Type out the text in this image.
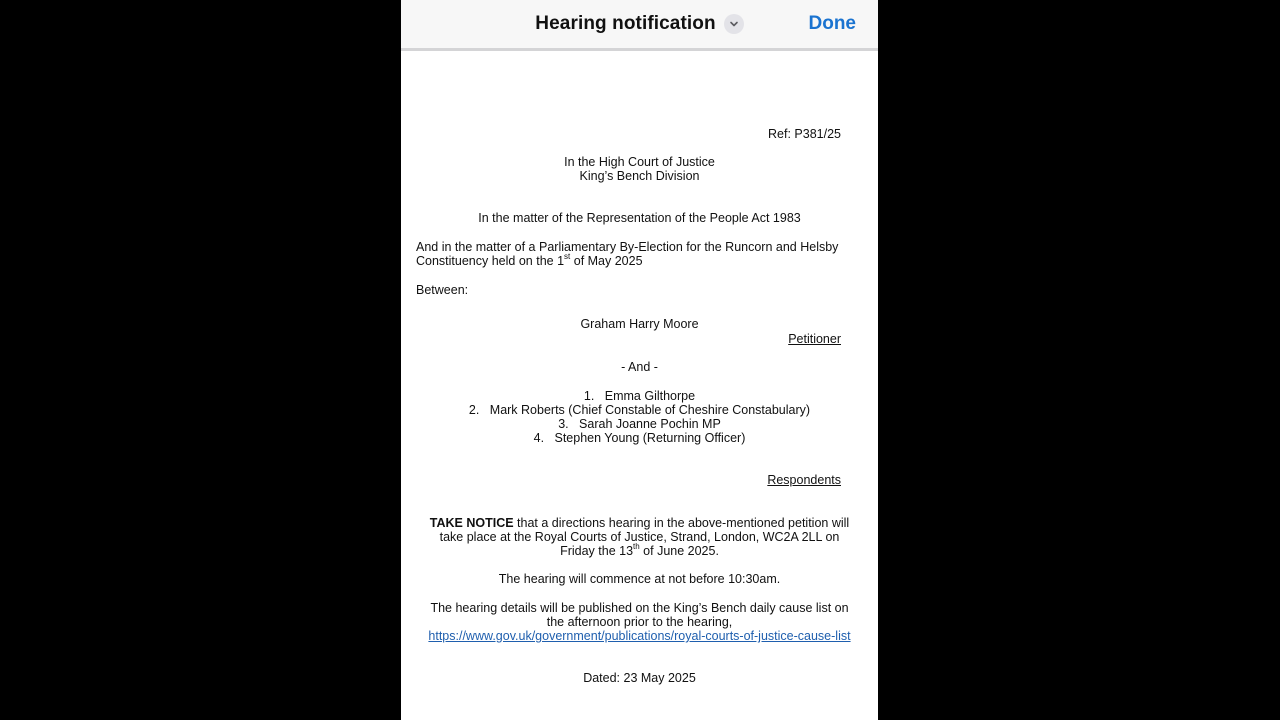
Hearing notification	Done
Ref: P381/25
In the High Court of Justice
King’s Bench Division
In the matter of the Representation of the People Act 1983
And in the matter of a Parliamentary By-Election for the Runcorn and Helsby
Constituency held on the 1st of May 2025
Between:
Graham Harry Moore
Petitioner
- And -
1. Emma Gilthorpe
2. Mark Roberts (Chief Constable of Cheshire Constabulary)
3. Sarah Joanne Pochin MP
4. Stephen Young (Returning Officer)
Respondents
TAKE NOTICE that a directions hearing in the above-mentioned petition will
take place at the Royal Courts of Justice, Strand, London, WC2A 2LL on
Friday the 13th of June 2025.
The hearing will commence at not before 10:30am.
The hearing details will be published on the King’s Bench daily cause list on
the afternoon prior to the hearing,
https://www.gov.uk/government/publications/royal-courts-of-justice-cause-list
Dated: 23 May 2025
